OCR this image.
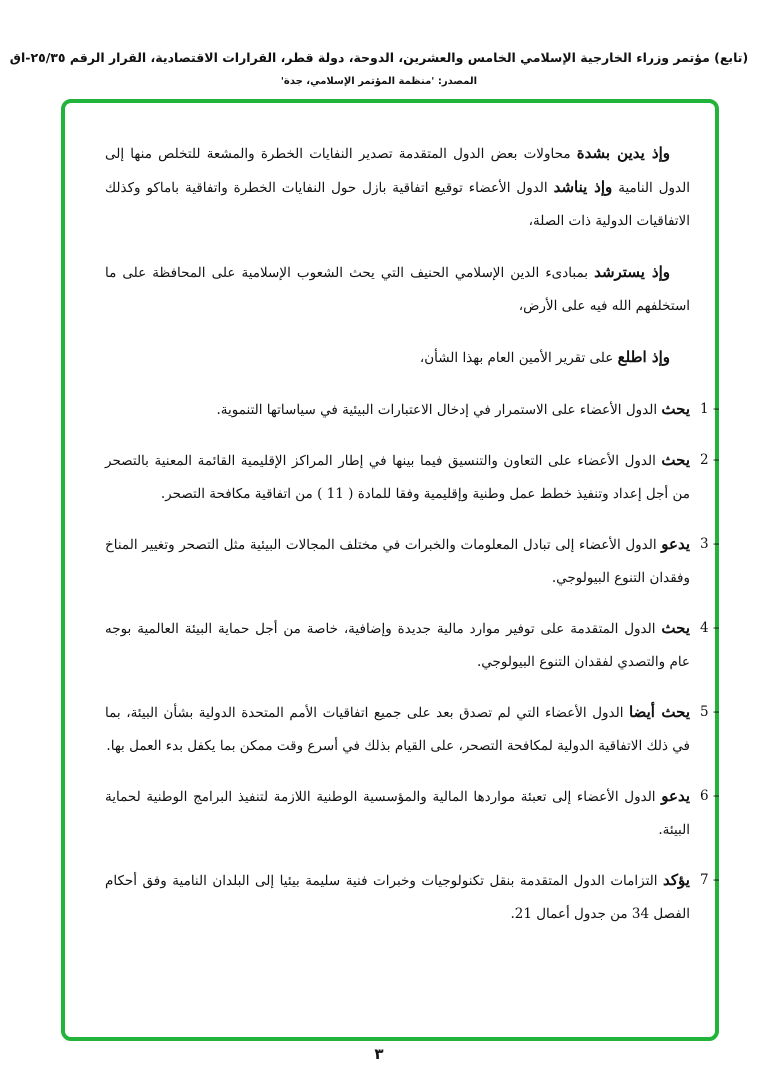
(تابع) مؤتمر وزراء الخارجية الإسلامي الخامس والعشرين، الدوحة، دولة قطر، القرارات الاقتصادية، القرار الرقم ٢٥/٣٥-اق
المصدر: 'منظمة المؤتمر الإسلامي، جدة'

وإذ يدين بشدة محاولات بعض الدول المتقدمة تصدير النفايات الخطرة والمشعة للتخلص منها إلى الدول النامية وإذ يناشد الدول الأعضاء توقيع اتفاقية بازل حول النفايات الخطرة واتفاقية باماكو وكذلك الاتفاقيات الدولية ذات الصلة،

وإذ يسترشد بمبادىء الدين الإسلامي الحنيف التي يحث الشعوب الإسلامية على المحافظة على ما استخلفهم الله فيه على الأرض،

وإذ اطلع على تقرير الأمين العام بهذا الشأن،

1 –
يحث الدول الأعضاء على الاستمرار في إدخال الاعتبارات البيئية في سياساتها التنموية.
2 –
يحث الدول الأعضاء على التعاون والتنسيق فيما بينها في إطار المراكز الإقليمية القائمة المعنية بالتصحر من أجل إعداد وتنفيذ خطط عمل وطنية وإقليمية وفقا للمادة ( 11 ) من اتفاقية مكافحة التصحر.
3 –
يدعو الدول الأعضاء إلى تبادل المعلومات والخبرات في مختلف المجالات البيئية مثل التصحر وتغيير المناخ وفقدان التنوع البيولوجي.
4 –
يحث الدول المتقدمة على توفير موارد مالية جديدة وإضافية، خاصة من أجل حماية البيئة العالمية بوجه عام والتصدي لفقدان التنوع البيولوجي.
5 –
يحث أيضا الدول الأعضاء التي لم تصدق بعد على جميع اتفاقيات الأمم المتحدة الدولية بشأن البيئة، بما في ذلك الاتفاقية الدولية لمكافحة التصحر، على القيام بذلك في أسرع وقت ممكن بما يكفل بدء العمل بها.
6 –
يدعو الدول الأعضاء إلى تعبئة مواردها المالية والمؤسسية الوطنية اللازمة لتنفيذ البرامج الوطنية لحماية البيئة.
7 –
يؤكد التزامات الدول المتقدمة بنقل تكنولوجيات وخبرات فنية سليمة بيئيا إلى البلدان النامية وفق أحكام الفصل 34 من جدول أعمال 21.
٣
